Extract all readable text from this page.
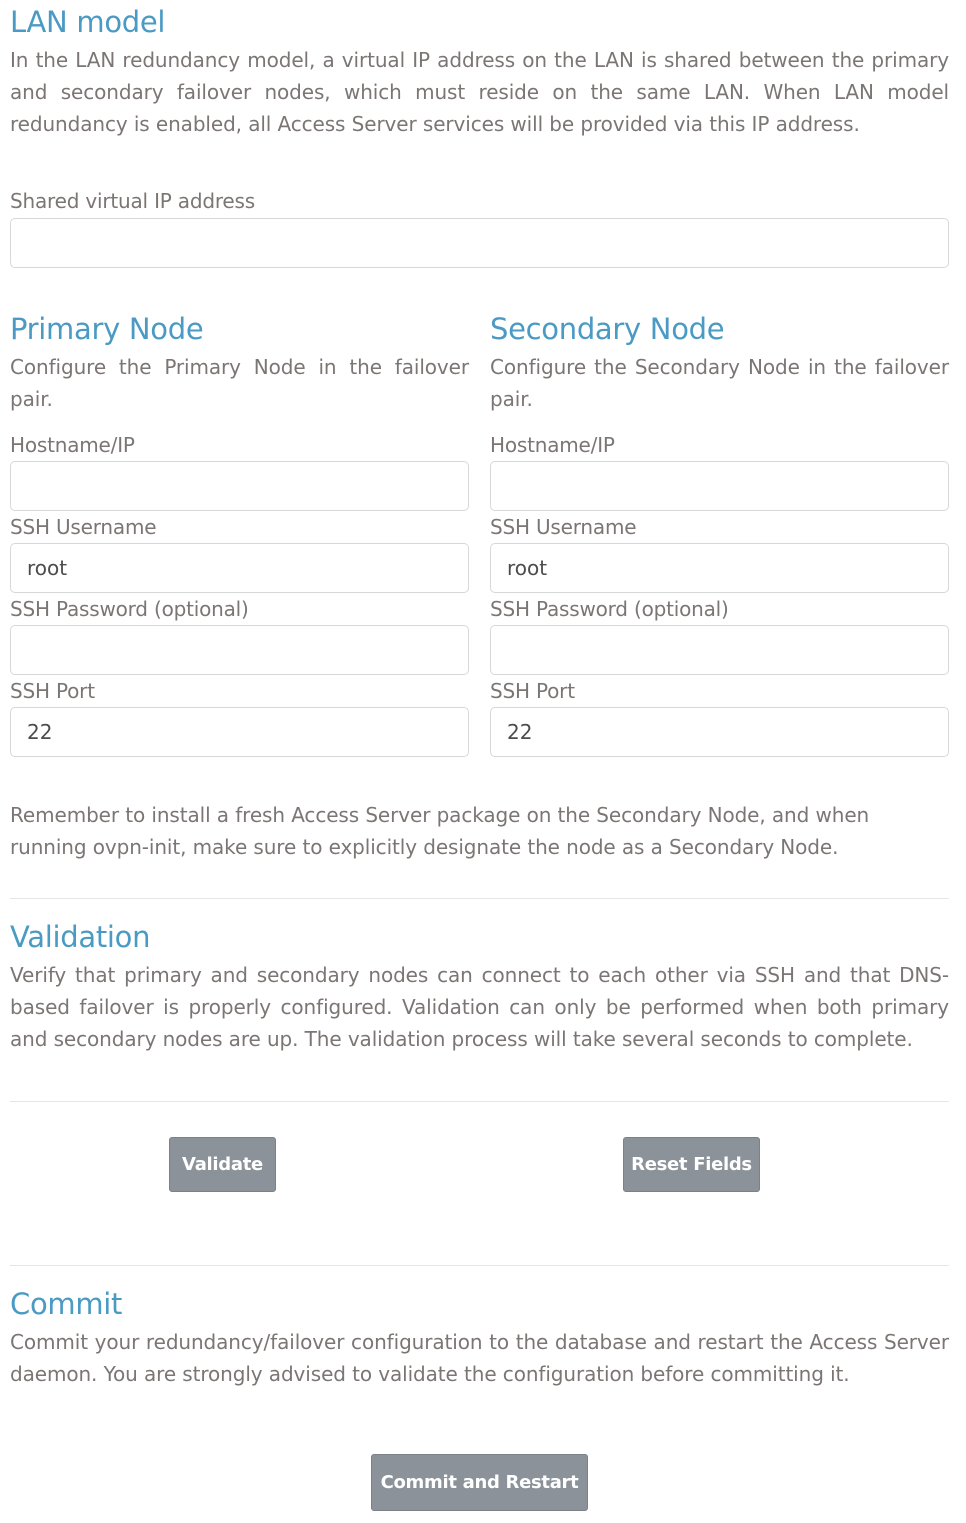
LAN model

In the LAN redundancy model, a virtual IP address on the LAN is shared between the primary and secondary failover nodes, which must reside on the same LAN. When LAN model redundancy is enabled, all Access Server services will be provided via this IP address.

Shared virtual IP address
Primary Node

Configure the Primary Node in the failover pair.

Hostname/IP
SSH Username
root
SSH Password (optional)
SSH Port
22
Secondary Node

Configure the Secondary Node in the failover pair.

Hostname/IP
SSH Username
root
SSH Password (optional)
SSH Port
22

Remember to install a fresh Access Server package on the Secondary Node, and when running ovpn-init, make sure to explicitly designate the node as a Secondary Node.

Validation

Verify that primary and secondary nodes can connect to each other via SSH and that DNS-based failover is properly configured. Validation can only be performed when both primary and secondary nodes are up. The validation process will take several seconds to complete.

Validate	Reset Fields
Commit

Commit your redundancy/failover configuration to the database and restart the Access Server daemon. You are strongly advised to validate the configuration before committing it.

Commit and Restart
